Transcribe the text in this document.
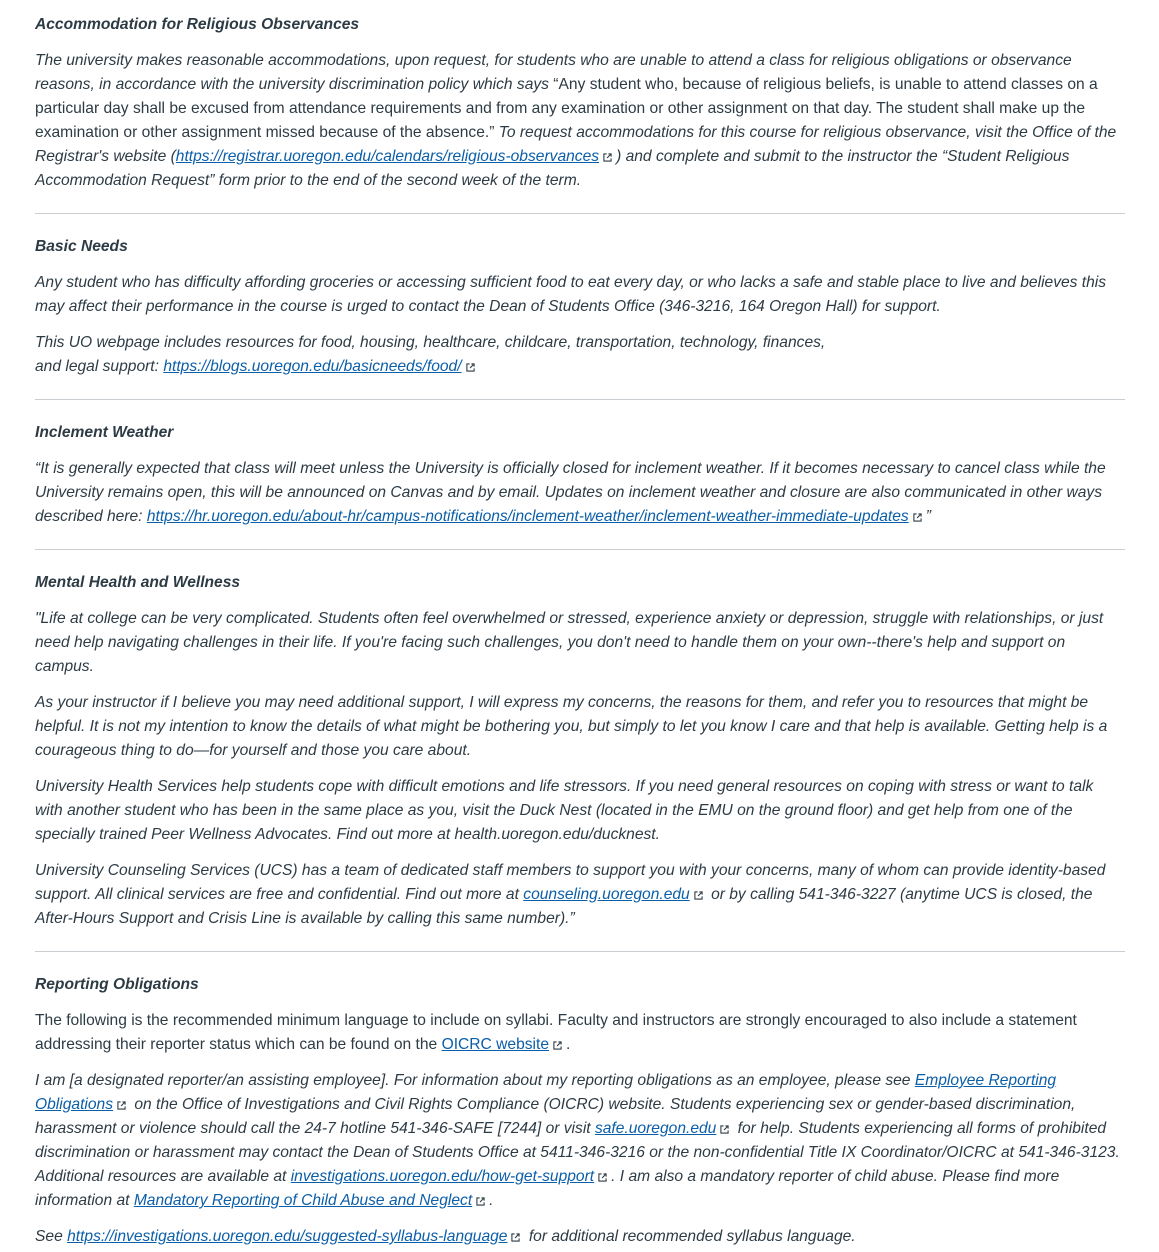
Accommodation for Religious Observances

The university makes reasonable accommodations, upon request, for students who are unable to attend a class for religious obligations or observance reasons, in accordance with the university discrimination policy which says “Any student who, because of religious beliefs, is unable to attend classes on a particular day shall be excused from attendance requirements and from any examination or other assignment on that day. The student shall make up the examination or other assignment missed because of the absence.” To request accommodations for this course for religious observance, visit the Office of the Registrar's website (https://registrar.uoregon.edu/calendars/religious-observances ) and complete and submit to the instructor the “Student Religious Accommodation Request” form prior to the end of the second week of the term.

Basic Needs

Any student who has difficulty affording groceries or accessing sufficient food to eat every day, or who lacks a safe and stable place to live and believes this may affect their performance in the course is urged to contact the Dean of Students Office (346-3216, 164 Oregon Hall) for support.

This UO webpage includes resources for food, housing, healthcare, childcare, transportation, technology, finances, and legal support: https://blogs.uoregon.edu/basicneeds/food/

Inclement Weather

“It is generally expected that class will meet unless the University is officially closed for inclement weather. If it becomes necessary to cancel class while the University remains open, this will be announced on Canvas and by email. Updates on inclement weather and closure are also communicated in other ways described here: https://hr.uoregon.edu/about-hr/campus-notifications/inclement-weather/inclement-weather-immediate-updates ”

Mental Health and Wellness

"Life at college can be very complicated. Students often feel overwhelmed or stressed, experience anxiety or depression, struggle with relationships, or just need help navigating challenges in their life. If you're facing such challenges, you don't need to handle them on your own--there's help and support on campus.

As your instructor if I believe you may need additional support, I will express my concerns, the reasons for them, and refer you to resources that might be helpful. It is not my intention to know the details of what might be bothering you, but simply to let you know I care and that help is available. Getting help is a courageous thing to do—for yourself and those you care about.

University Health Services help students cope with difficult emotions and life stressors. If you need general resources on coping with stress or want to talk with another student who has been in the same place as you, visit the Duck Nest (located in the EMU on the ground floor) and get help from one of the specially trained Peer Wellness Advocates. Find out more at health.uoregon.edu/ducknest.

University Counseling Services (UCS) has a team of dedicated staff members to support you with your concerns, many of whom can provide identity-based support. All clinical services are free and confidential. Find out more at counseling.uoregon.edu
or by calling 541-346-3227 (anytime UCS is closed, the After-Hours Support and Crisis Line is available by calling this same number).”

Reporting Obligations

The following is the recommended minimum language to include on syllabi. Faculty and instructors are strongly encouraged to also include a statement addressing their reporter status which can be found on the OICRC website .

I am [a designated reporter/an assisting employee]. For information about my reporting obligations as an employee, please see Employee Reporting Obligations
on the Office of Investigations and Civil Rights Compliance (OICRC) website. Students experiencing sex or gender-based discrimination, harassment or violence should call the 24-7 hotline 541-346-SAFE [7244] or visit safe.uoregon.edu
for help. Students experiencing all forms of prohibited discrimination or harassment may contact the Dean of Students Office at 5411-346-3216 or the non-confidential Title IX Coordinator/OICRC at 541-346-3123. Additional resources are available at investigations.uoregon.edu/how-get-support . I am also a mandatory reporter of child abuse. Please find more information at Mandatory Reporting of Child Abuse and Neglect .

See https://investigations.uoregon.edu/suggested-syllabus-language
for additional recommended syllabus language.
